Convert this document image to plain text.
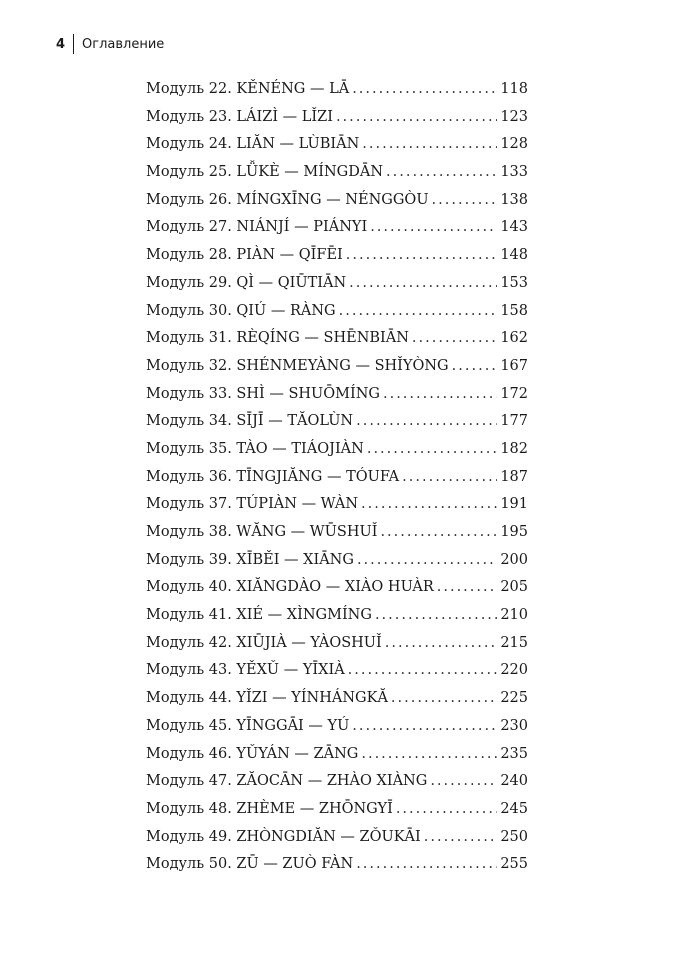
4 Оглавление
Модуль 22. KĚNÉNG — LĀ .....	118
Модуль 23. LÁIZÌ — LǏZI .....	123
Модуль 24. LIĂN — LÙBIĀN .....	128
Модуль 25. LǙKÈ — MÍNGDĀN .....	133
Модуль 26. MÍNGXĪNG — NÉNGGÒU .....	138
Модуль 27. NIÁNJÍ — PIÁNYI .....	143
Модуль 28. PIÀN — QĪFĒI .....	148
Модуль 29. QÌ — QIŪTIĀN .....	153
Модуль 30. QIÚ — RÀNG .....	158
Модуль 31. RÈQÍNG — SHĒNBIĀN .....	162
Модуль 32. SHÉNMEYÀNG — SHǏYÒNG .....	167
Модуль 33. SHÌ — SHUŌMÍNG .....	172
Модуль 34. SĪJĪ — TĂOLÙN .....	177
Модуль 35. TÀO — TIÁOJIÀN .....	182
Модуль 36. TĪNGJIĂNG — TÓUFA .....	187
Модуль 37. TÚPIÀN — WÀN .....	191
Модуль 38. WĂNG — WŪSHUǏ .....	195
Модуль 39. XĪBĚI — XIĀNG .....	200
Модуль 40. XIĂNGDÀO — XIÀO HUÀR .....	205
Модуль 41. XIÉ — XÌNGMÍNG .....	210
Модуль 42. XIŪJIÀ — YÀOSHUǏ .....	215
Модуль 43. YĚXǓ — YĪXIÀ .....	220
Модуль 44. YǏZI — YÍNHÁNGKĂ .....	225
Модуль 45. YĪNGGĀI — YÚ .....	230
Модуль 46. YǓYÁN — ZĀNG .....	235
Модуль 47. ZĂOCĀN — ZHÀO XIÀNG .....	240
Модуль 48. ZHÈME — ZHŌNGYĪ .....	245
Модуль 49. ZHÒNGDIĂN — ZǑUKĀI .....	250
Модуль 50. ZŪ — ZUÒ FÀN .....	255
